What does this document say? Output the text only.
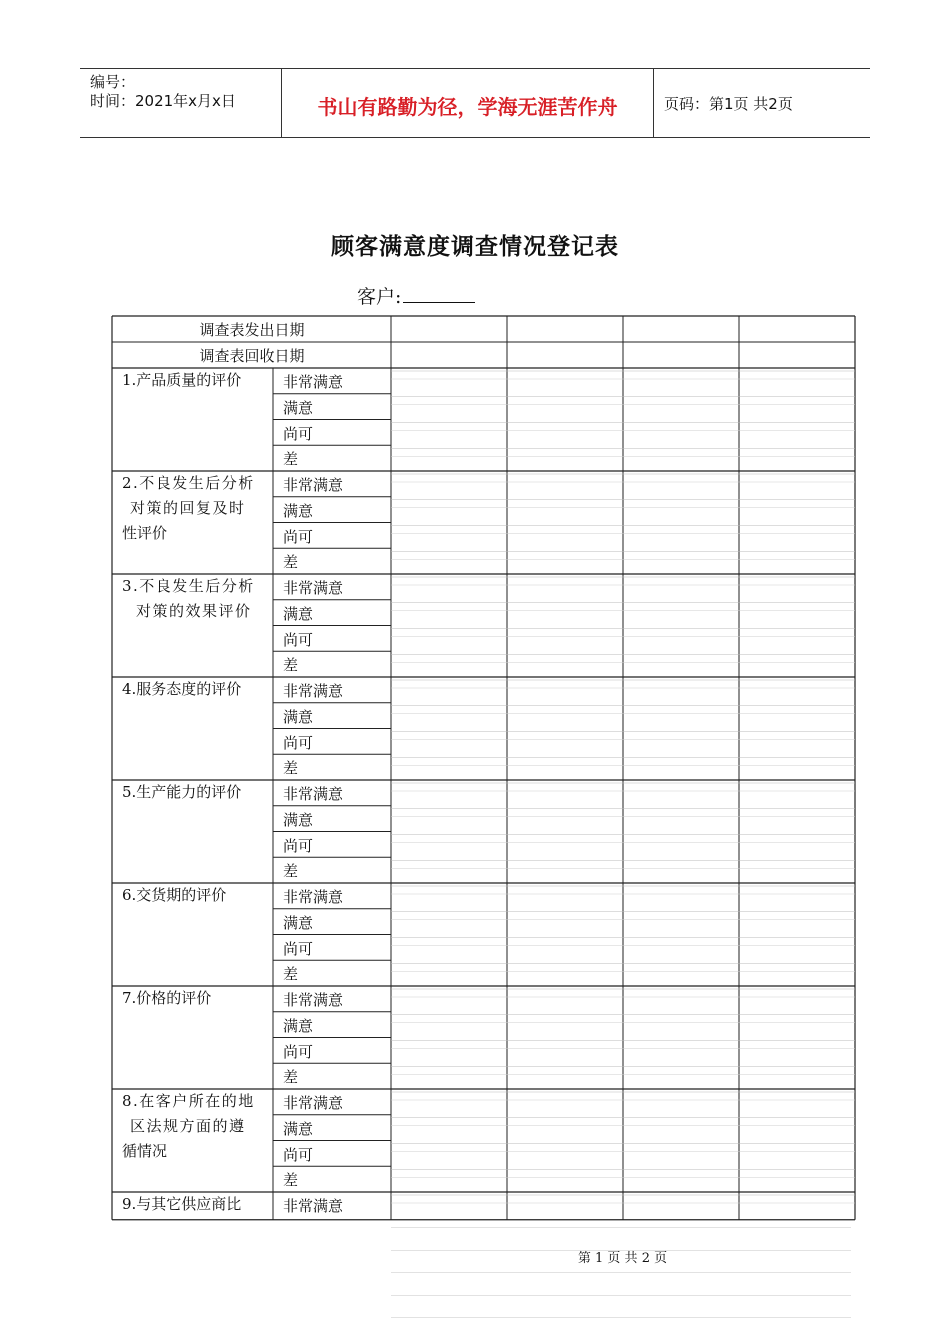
编号：
时间：2021年x月x日	书山有路勤为径，学海无涯苦作舟	页码：第1页 共2页
顾客满意度调查情况登记表
客户:
调查表发出日期
调查表回收日期
非常满意
满意
尚可
差
1.产品质量的评价
非常满意
满意
尚可
差
2.不良发生后分析
对策的回复及时
性评价
非常满意
满意
尚可
差
3.不良发生后分析
对策的效果评价
非常满意
满意
尚可
差
4.服务态度的评价
非常满意
满意
尚可
差
5.生产能力的评价
非常满意
满意
尚可
差
6.交货期的评价
非常满意
满意
尚可
差
7.价格的评价
非常满意
满意
尚可
差
8.在客户所在的地
区法规方面的遵
循情况
非常满意
9.与其它供应商比
第 1 页 共 2 页
